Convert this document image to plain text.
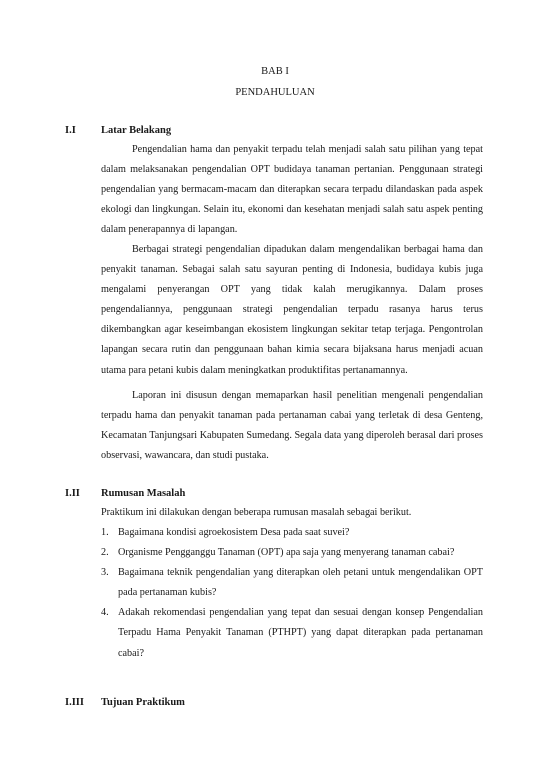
BAB I
PENDAHULUAN
I.I Latar Belakang
Pengendalian hama dan penyakit terpadu telah menjadi salah satu pilihan yang tepat dalam melaksanakan pengendalian OPT budidaya tanaman pertanian. Penggunaan strategi pengendalian yang bermacam-macam dan diterapkan secara terpadu dilandaskan pada aspek ekologi dan lingkungan. Selain itu, ekonomi dan kesehatan menjadi salah satu aspek penting dalam penerapannya di lapangan.
Berbagai strategi pengendalian dipadukan dalam mengendalikan berbagai hama dan penyakit tanaman. Sebagai salah satu sayuran penting di Indonesia, budidaya kubis juga mengalami penyerangan OPT yang tidak kalah merugikannya. Dalam proses pengendaliannya, penggunaan strategi pengendalian terpadu rasanya harus terus dikembangkan agar keseimbangan ekosistem lingkungan sekitar tetap terjaga. Pengontrolan lapangan secara rutin dan penggunaan bahan kimia secara bijaksana harus menjadi acuan utama para petani kubis dalam meningkatkan produktifitas pertanamannya.
Laporan ini disusun dengan memaparkan hasil penelitian mengenali pengendalian terpadu hama dan penyakit tanaman pada pertanaman cabai yang terletak di desa Genteng, Kecamatan Tanjungsari Kabupaten Sumedang. Segala data yang diperoleh berasal dari proses observasi, wawancara, dan studi pustaka.
I.II Rumusan Masalah
Praktikum ini dilakukan dengan beberapa rumusan masalah sebagai berikut.
1. Bagaimana kondisi agroekosistem Desa pada saat suvei?
2. Organisme Pengganggu Tanaman (OPT) apa saja yang menyerang tanaman cabai?
3. Bagaimana teknik pengendalian yang diterapkan oleh petani untuk mengendalikan OPT pada pertanaman kubis?
4. Adakah rekomendasi pengendalian yang tepat dan sesuai dengan konsep Pengendalian Terpadu Hama Penyakit Tanaman (PTHPT) yang dapat diterapkan pada pertanaman cabai?
I.III Tujuan Praktikum
